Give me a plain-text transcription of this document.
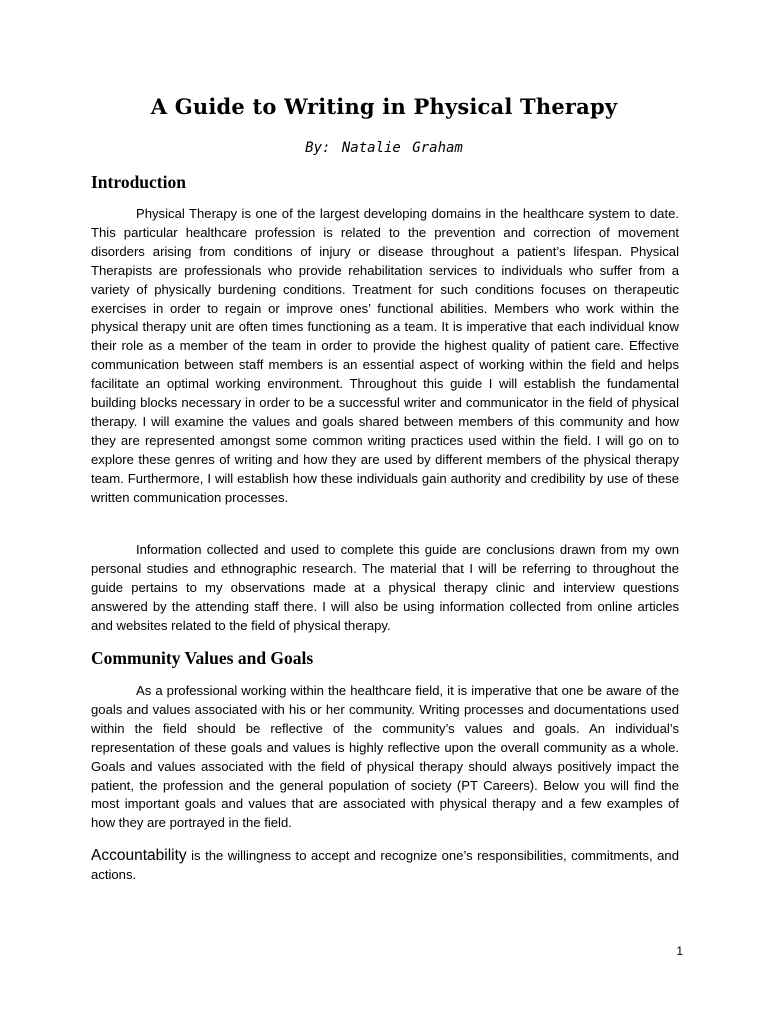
A Guide to Writing in Physical Therapy
By: Natalie Graham
Introduction

Physical Therapy is one of the largest developing domains in the healthcare system to date. This particular healthcare profession is related to the prevention and correction of movement disorders arising from conditions of injury or disease throughout a patient’s lifespan. Physical Therapists are professionals who provide rehabilitation services to individuals who suffer from a variety of physically burdening conditions. Treatment for such conditions focuses on therapeutic exercises in order to regain or improve ones’ functional abilities. Members who work within the physical therapy unit are often times functioning as a team. It is imperative that each individual know their role as a member of the team in order to provide the highest quality of patient care. Effective communication between staff members is an essential aspect of working within the field and helps facilitate an optimal working environment. Throughout this guide I will establish the fundamental building blocks necessary in order to be a successful writer and communicator in the field of physical therapy. I will examine the values and goals shared between members of this community and how they are represented amongst some common writing practices used within the field. I will go on to explore these genres of writing and how they are used by different members of the physical therapy team. Furthermore, I will establish how these individuals gain authority and credibility by use of these written communication processes.

Information collected and used to complete this guide are conclusions drawn from my own personal studies and ethnographic research. The material that I will be referring to throughout the guide pertains to my observations made at a physical therapy clinic and interview questions answered by the attending staff there. I will also be using information collected from online articles and websites related to the field of physical therapy.

Community Values and Goals

As a professional working within the healthcare field, it is imperative that one be aware of the goals and values associated with his or her community. Writing processes and documentations used within the field should be reflective of the community’s values and goals. An individual’s representation of these goals and values is highly reflective upon the overall community as a whole. Goals and values associated with the field of physical therapy should always positively impact the patient, the profession and the general population of society (PT Careers). Below you will find the most important goals and values that are associated with physical therapy and a few examples of how they are portrayed in the field.

Accountability is the willingness to accept and recognize one’s responsibilities, commitments, and actions.

1
